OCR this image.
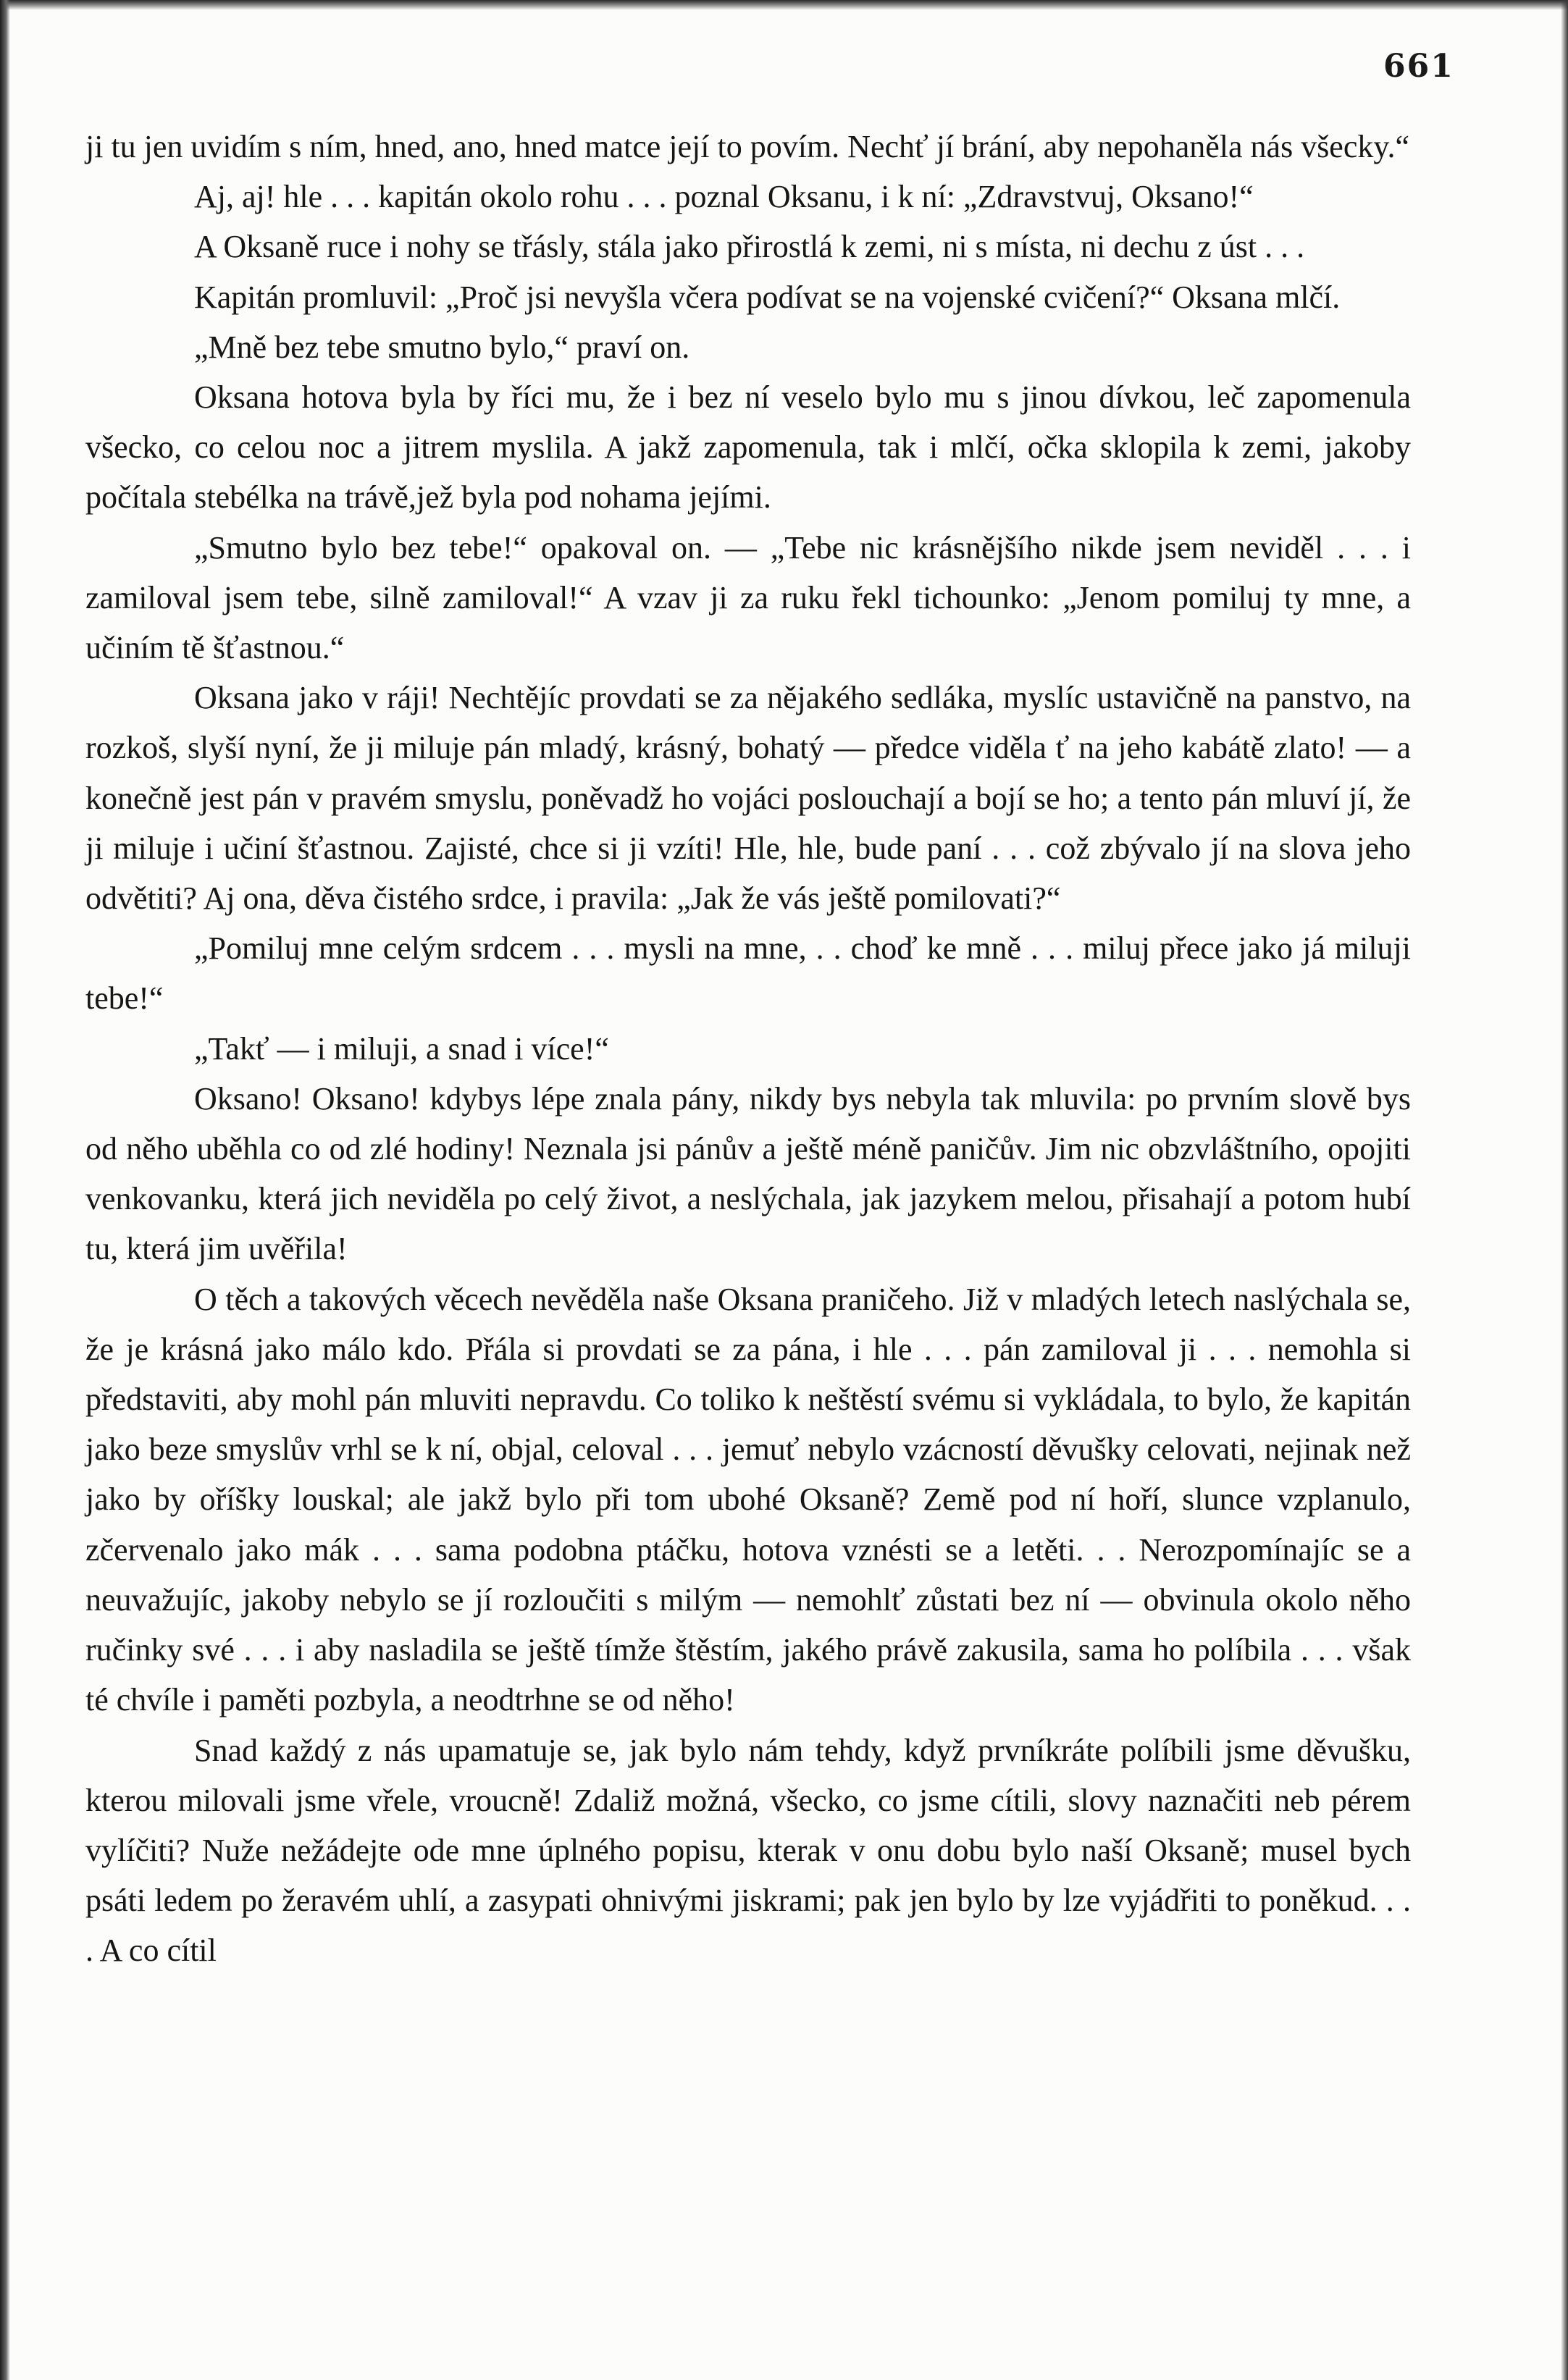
661

ji tu jen uvidím s ním, hned, ano, hned matce její to povím. Nechť jí brání, aby nepohaněla nás všecky.“

Aj, aj! hle . . . kapitán okolo rohu . . . poznal Oksanu, i k ní: „Zdravstvuj, Oksano!“

A Oksaně ruce i nohy se třásly, stála jako přirostlá k zemi, ni s místa, ni dechu z úst . . .

Kapitán promluvil: „Proč jsi nevyšla včera podívat se na vojenské cvičení?“ Oksana mlčí.

„Mně bez tebe smutno bylo,“ praví on.

Oksana hotova byla by říci mu, že i bez ní veselo bylo mu s jinou dívkou, leč zapomenula všecko, co celou noc a jitrem myslila. A jakž zapomenula, tak i mlčí, očka sklopila k zemi, jakoby počítala stebélka na trávě,jež byla pod nohama jejími.

„Smutno bylo bez tebe!“ opakoval on. — „Tebe nic krásnějšího nikde jsem neviděl . . . i zamiloval jsem tebe, silně zamiloval!“ A vzav ji za ruku řekl tichounko: „Jenom pomiluj ty mne, a učiním tě šťastnou.“

Oksana jako v ráji! Nechtějíc provdati se za nějakého sedláka, myslíc ustavičně na panstvo, na rozkoš, slyší nyní, že ji miluje pán mladý, krásný, bohatý — předce viděla ť na jeho kabátě zlato! — a konečně jest pán v pravém smyslu, poněvadž ho vojáci poslouchají a bojí se ho; a tento pán mluví jí, že ji miluje i učiní šťastnou. Zajisté, chce si ji vzíti! Hle, hle, bude paní . . . což zbývalo jí na slova jeho odvětiti? Aj ona, děva čistého srdce, i pravila: „Jak že vás ještě pomilovati?“

„Pomiluj mne celým srdcem . . . mysli na mne, . . choď ke mně . . . miluj přece jako já miluji tebe!“

„Takť — i miluji, a snad i více!“

Oksano! Oksano! kdybys lépe znala pány, nikdy bys nebyla tak mluvila: po prvním slově bys od něho uběhla co od zlé hodiny! Neznala jsi pánův a ještě méně paničův. Jim nic obzvláštního, opojiti venkovanku, která jich neviděla po celý život, a neslýchala, jak jazykem melou, přisahají a potom hubí tu, která jim uvěřila!

O těch a takových věcech nevěděla naše Oksana praničeho. Již v mladých letech naslýchala se, že je krásná jako málo kdo. Přála si provdati se za pána, i hle . . . pán zamiloval ji . . . nemohla si představiti, aby mohl pán mluviti nepravdu. Co toliko k neštěstí svému si vykládala, to bylo, že kapitán jako beze smyslův vrhl se k ní, objal, celoval . . . jemuť nebylo vzácností děvušky celovati, nejinak než jako by oříšky louskal; ale jakž bylo při tom ubohé Oksaně? Země pod ní hoří, slunce vzplanulo, zčervenalo jako mák . . . sama podobna ptáčku, hotova vznésti se a letěti. . . Nerozpomínajíc se a neuvažujíc, jakoby nebylo se jí rozloučiti s milým — nemohlť zůstati bez ní — obvinula okolo něho ručinky své . . . i aby nasladila se ještě tímže štěstím, jakého právě zakusila, sama ho políbila . . . však té chvíle i paměti pozbyla, a neodtrhne se od něho!

Snad každý z nás upamatuje se, jak bylo nám tehdy, když prvníkráte políbili jsme děvušku, kterou milovali jsme vřele, vroucně! Zdaliž možná, všecko, co jsme cítili, slovy naznačiti neb pérem vylíčiti? Nuže nežádejte ode mne úplného popisu, kterak v onu dobu bylo naší Oksaně; musel bych psáti ledem po žeravém uhlí, a zasypati ohnivými jiskrami; pak jen bylo by lze vyjádřiti to poněkud. . . . A co cítil
